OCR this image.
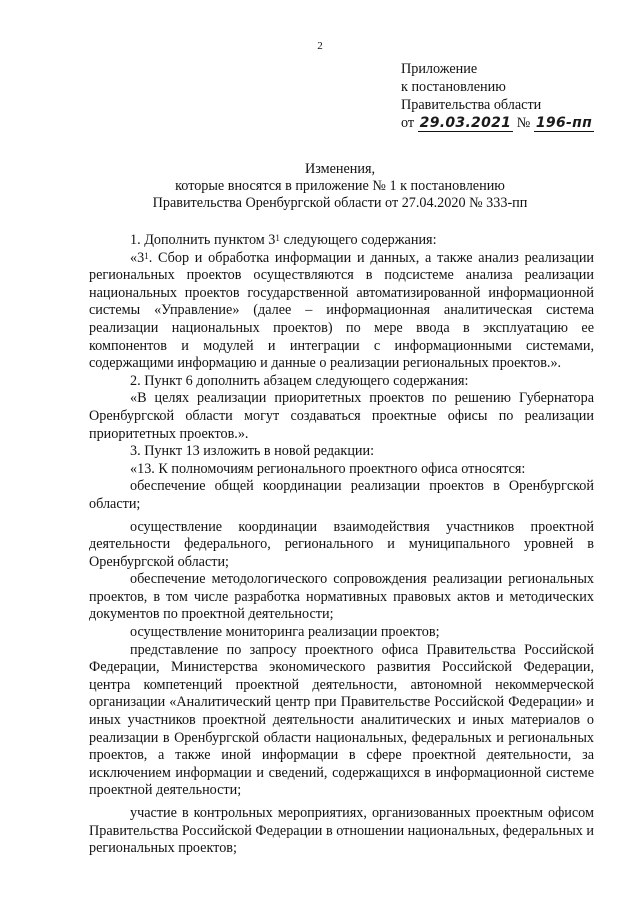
2
Приложение
к постановлению
Правительства области
от 29.03.2021 № 196-пп
Изменения,
которые вносятся в приложение № 1 к постановлению
Правительства Оренбургской области от 27.04.2020 № 333-пп

1. Дополнить пунктом $3^1$ следующего содержания:

«$3^1$. Сбор и обработка информации и данных, а также анализ реализации региональных проектов осуществляются в подсистеме анализа реализации национальных проектов государственной автоматизированной информационной системы «Управление» (далее – информационная аналитическая система реализации национальных проектов) по мере ввода в эксплуатацию ее компонентов и модулей и интеграции с информационными системами, содержащими информацию и данные о реализации региональных проектов.».

2. Пункт 6 дополнить абзацем следующего содержания:

«В целях реализации приоритетных проектов по решению Губернатора Оренбургской области могут создаваться проектные офисы по реализации приоритетных проектов.».

3. Пункт 13 изложить в новой редакции:

«13. К полномочиям регионального проектного офиса относятся:

обеспечение общей координации реализации проектов в Оренбургской области;

осуществление координации взаимодействия участников проектной деятельности федерального, регионального и муниципального уровней в Оренбургской области;

обеспечение методологического сопровождения реализации региональных проектов, в том числе разработка нормативных правовых актов и методических документов по проектной деятельности;

осуществление мониторинга реализации проектов;

представление по запросу проектного офиса Правительства Российской Федерации, Министерства экономического развития Российской Федерации, центра компетенций проектной деятельности, автономной некоммерческой организации «Аналитический центр при Правительстве Российской Федерации» и иных участников проектной деятельности аналитических и иных материалов о реализации в Оренбургской области национальных, федеральных и региональных проектов, а также иной информации в сфере проектной деятельности, за исключением информации и сведений, содержащихся в информационной системе проектной деятельности;

участие в контрольных мероприятиях, организованных проектным офисом Правительства Российской Федерации в отношении национальных, федеральных и региональных проектов;
